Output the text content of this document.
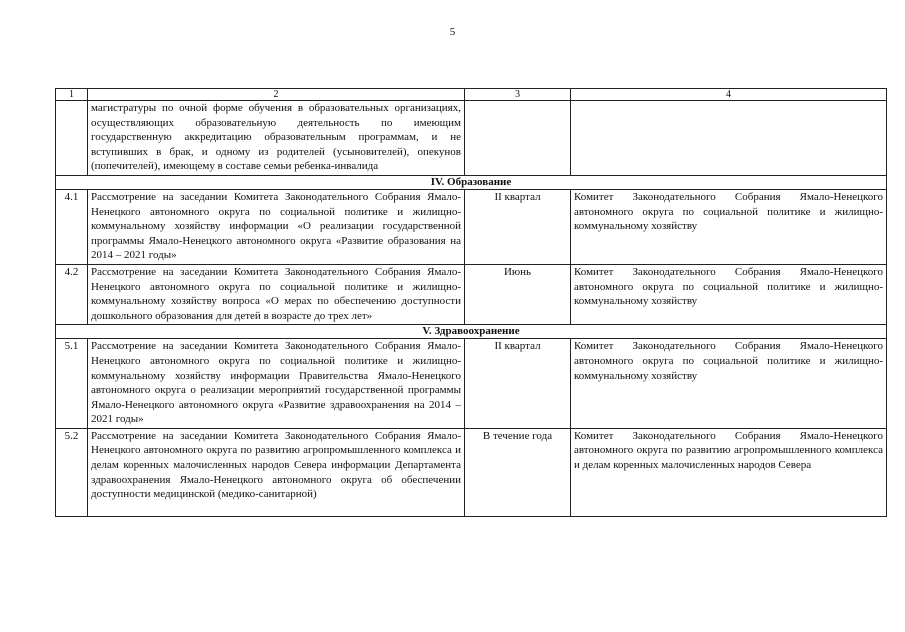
5
1	2	3	4
	магистратуры по очной форме обучения в образовательных организациях, осуществляющих образовательную деятельность по имеющим государственную аккредитацию образовательным программам, и не вступивших в брак, и одному из родителей (усыновителей), опекунов (попечителей), имеющему в составе семьи ребенка-инвалида		
IV. Образование			
4.1	Рассмотрение на заседании Комитета Законодательного Собрания Ямало-Ненецкого автономного округа по социальной политике и жилищно-коммунальному хозяйству информации «О реализации государственной программы Ямало-Ненецкого автономного округа «Развитие образования на 2014 – 2021 годы»	II квартал	Комитет Законодательного Собрания Ямало-Ненецкого автономного округа по социальной политике и жилищно-коммунальному хозяйству
4.2	Рассмотрение на заседании Комитета Законодательного Собрания Ямало-Ненецкого автономного округа по социальной политике и жилищно-коммунальному хозяйству вопроса «О мерах по обеспечению доступности дошкольного образования для детей в возрасте до трех лет»	Июнь	Комитет Законодательного Собрания Ямало-Ненецкого автономного округа по социальной политике и жилищно-коммунальному хозяйству
V. Здравоохранение			
5.1	Рассмотрение на заседании Комитета Законодательного Собрания Ямало-Ненецкого автономного округа по социальной политике и жилищно-коммунальному хозяйству информации Правительства Ямало-Ненецкого автономного округа о реализации мероприятий государственной программы Ямало-Ненецкого автономного округа «Развитие здравоохранения на 2014 – 2021 годы»	II квартал	Комитет Законодательного Собрания Ямало-Ненецкого автономного округа по социальной политике и жилищно-коммунальному хозяйству
5.2	Рассмотрение на заседании Комитета Законодательного Собрания Ямало-Ненецкого автономного округа по развитию агропромышленного комплекса и делам коренных малочисленных народов Севера информации Департамента здравоохранения Ямало-Ненецкого автономного округа об обеспечении доступности медицинской (медико-санитарной)	В течение года	Комитет Законодательного Собрания Ямало-Ненецкого автономного округа по развитию агропромышленного комплекса и делам коренных малочисленных народов Севера
